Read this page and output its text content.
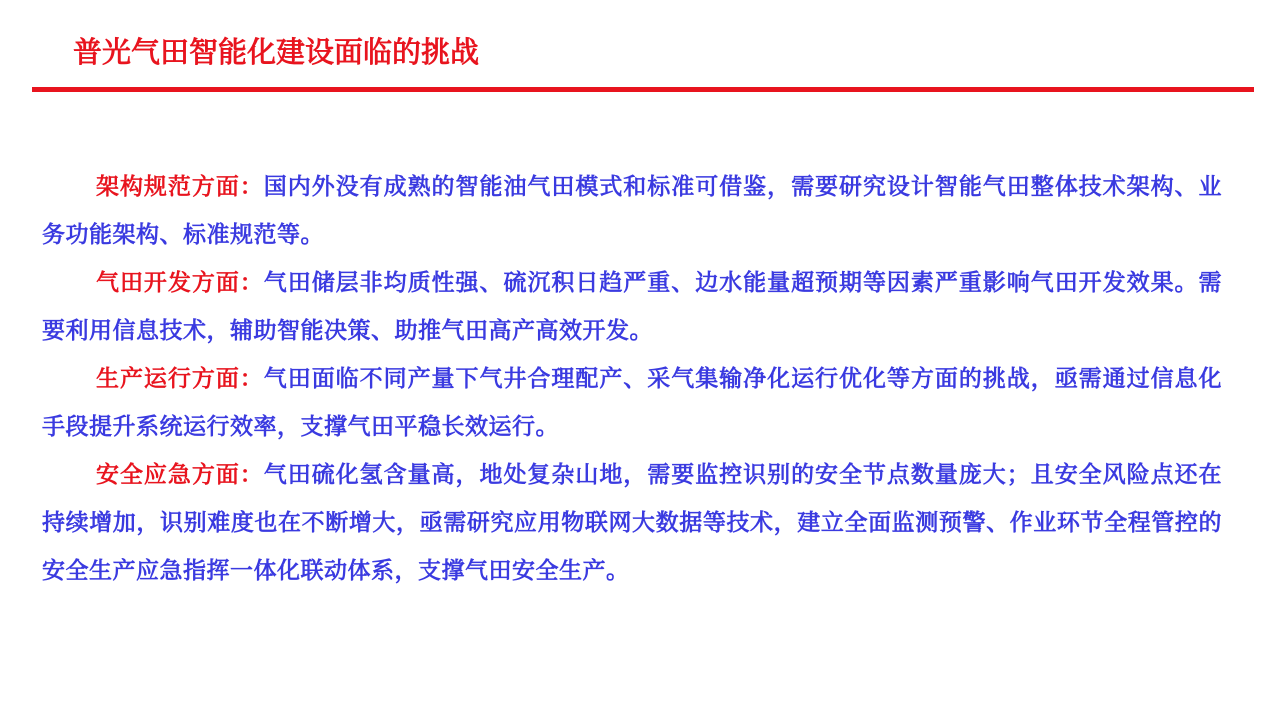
普光气田智能化建设面临的挑战

架构规范方面：国内外没有成熟的智能油气田模式和标准可借鉴，需要研究设计智能气田整体技术架构、业务功能架构、标准规范等。

气田开发方面：气田储层非均质性强、硫沉积日趋严重、边水能量超预期等因素严重影响气田开发效果。需要利用信息技术，辅助智能决策、助推气田高产高效开发。

生产运行方面：气田面临不同产量下气井合理配产、采气集输净化运行优化等方面的挑战，亟需通过信息化手段提升系统运行效率，支撑气田平稳长效运行。

安全应急方面：气田硫化氢含量高，地处复杂山地，需要监控识别的安全节点数量庞大；且安全风险点还在持续增加，识别难度也在不断增大，亟需研究应用物联网大数据等技术，建立全面监测预警、作业环节全程管控的安全生产应急指挥一体化联动体系，支撑气田安全生产。
